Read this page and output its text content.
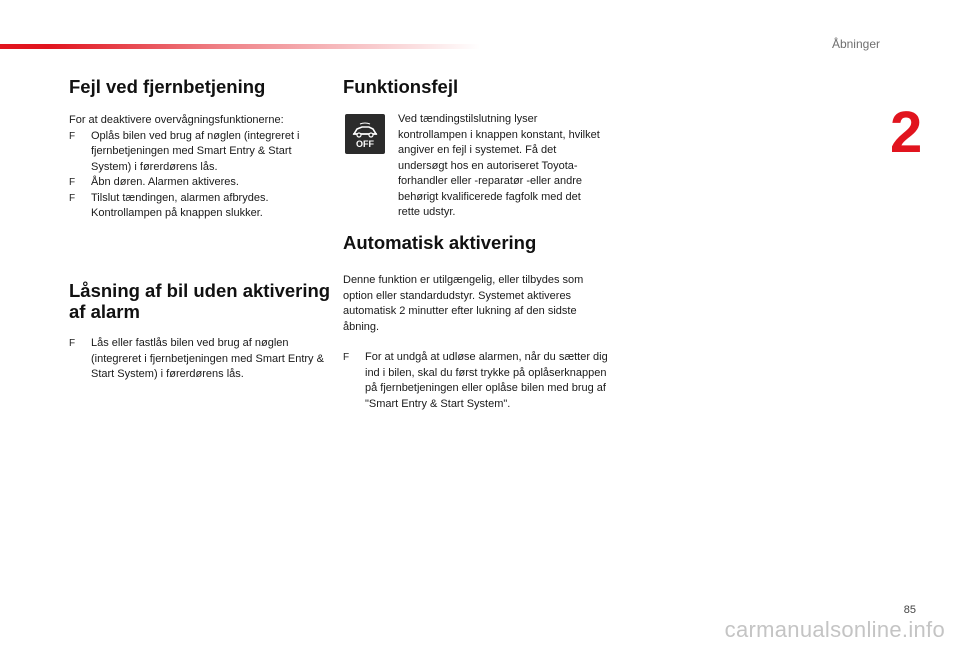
Åbninger
2
Fejl ved fjernbetjening

For at deaktivere overvågningsfunktionerne:

F Oplås bilen ved brug af nøglen (integreret i fjernbetjeningen med Smart Entry & Start System) i førerdørens lås.
F Åbn døren. Alarmen aktiveres.
F Tilslut tændingen, alarmen afbrydes. Kontrollampen på knappen slukker.
Låsning af bil uden aktivering af alarm
F Lås eller fastlås bilen ved brug af nøglen (integreret i fjernbetjeningen med Smart Entry & Start System) i førerdørens lås.
Funktionsfejl
OFF

Ved tændingstilslutning lyser kontrollampen i knappen konstant, hvilket angiver en fejl i systemet. Få det undersøgt hos en autoriseret Toyota-forhandler eller -reparatør -eller andre behørigt kvalificerede fagfolk med det rette udstyr.

Automatisk aktivering

Denne funktion er utilgængelig, eller tilbydes som option eller standardudstyr. Systemet aktiveres automatisk 2 minutter efter lukning af den sidste åbning.

F For at undgå at udløse alarmen, når du sætter dig ind i bilen, skal du først trykke på oplåserknappen på fjernbetjeningen eller oplåse bilen med brug af "Smart Entry & Start System".
85
carmanualsonline.info
